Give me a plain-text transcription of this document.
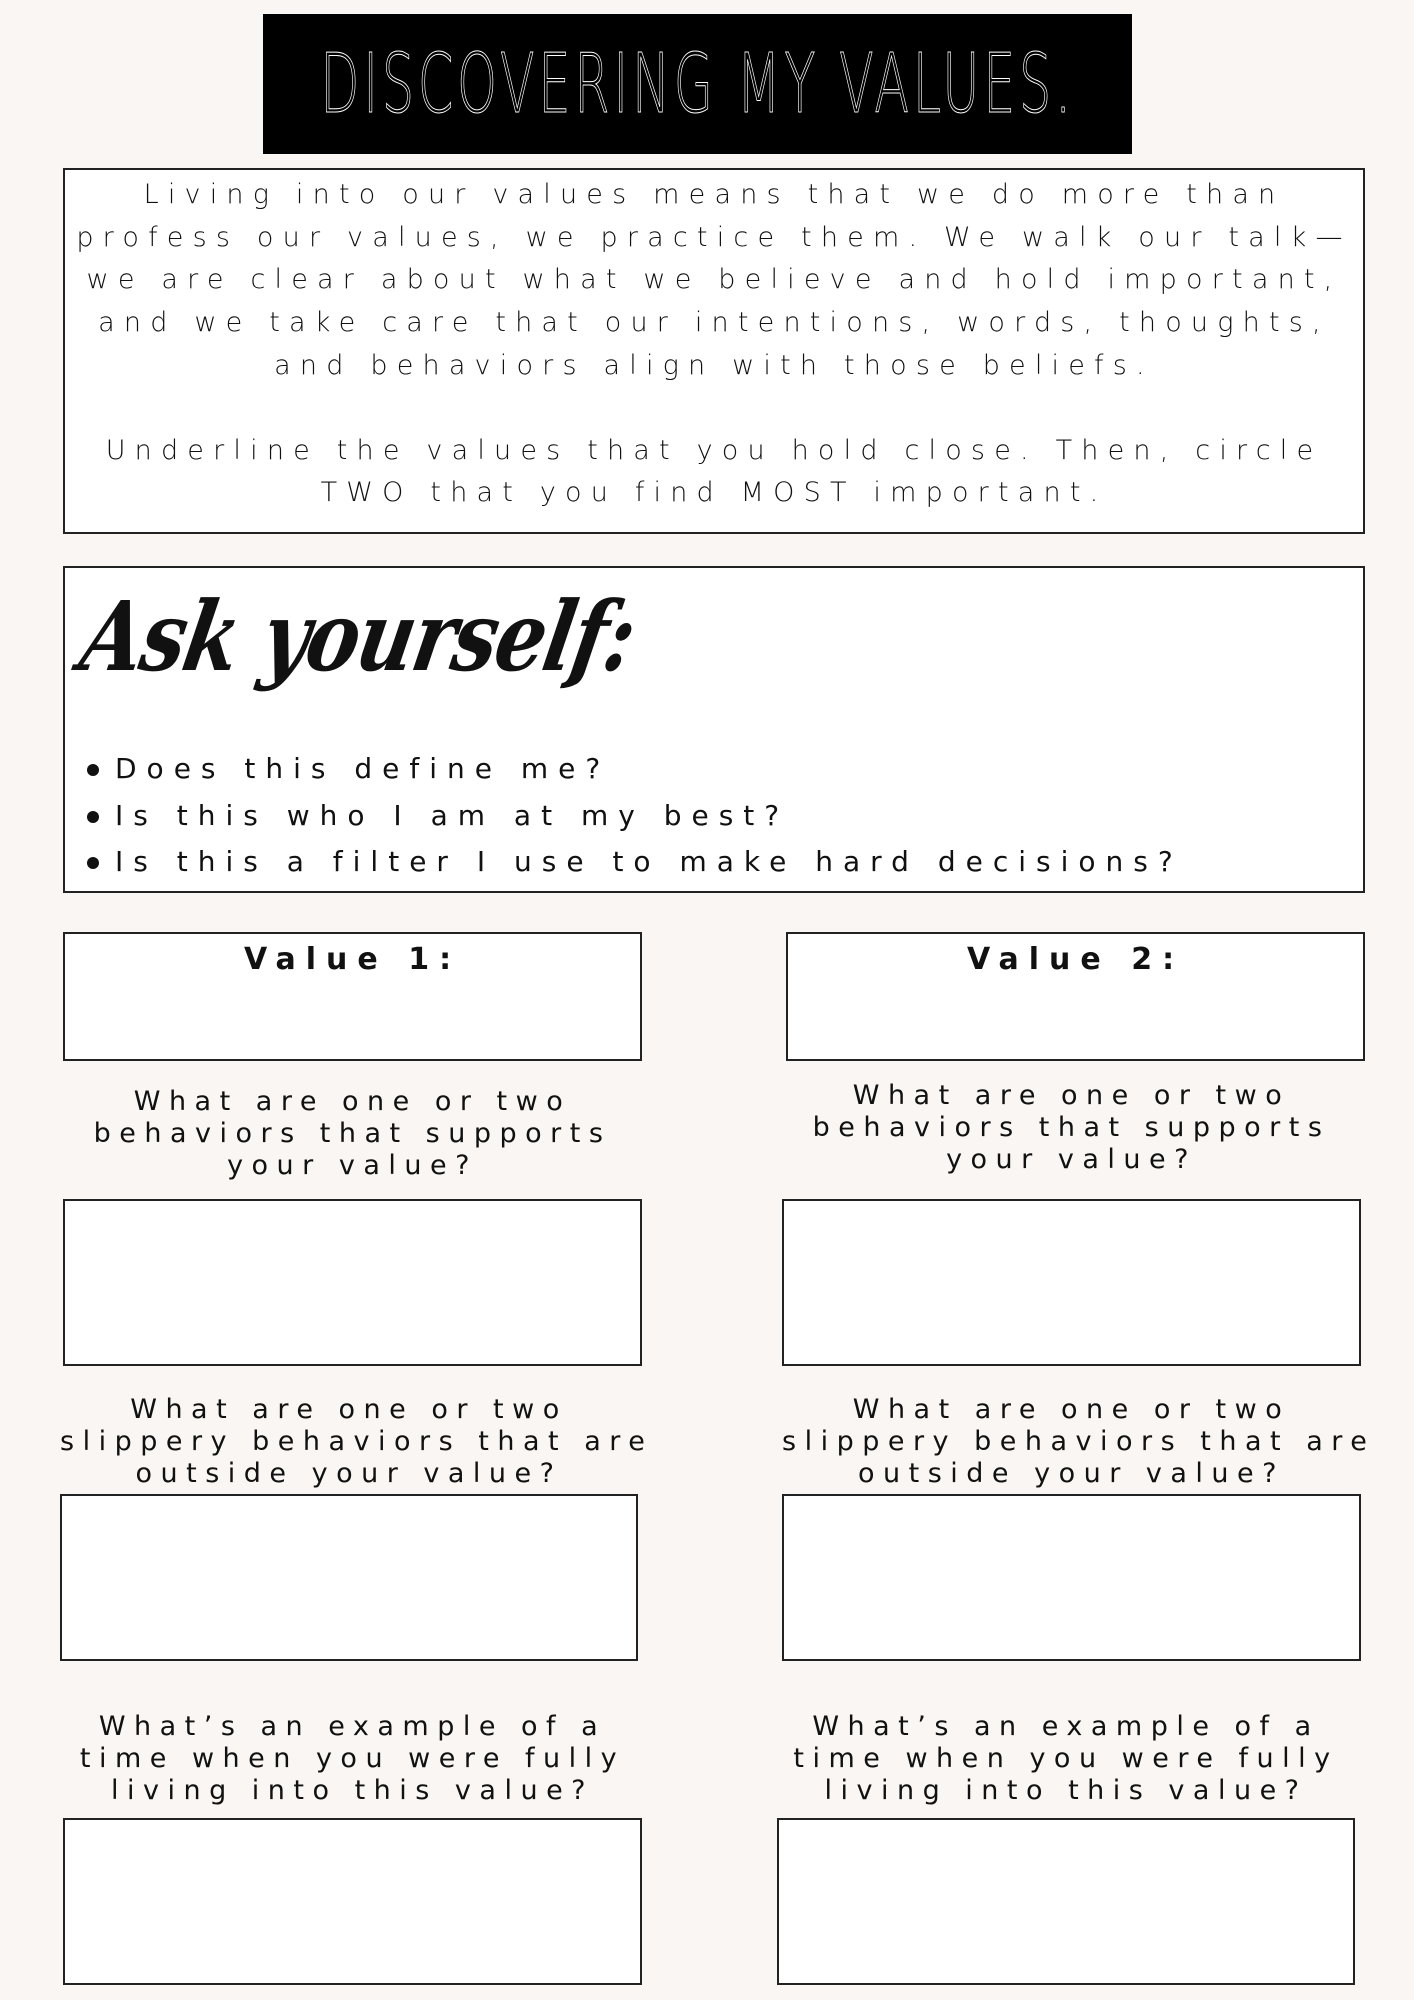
DISCOVERING MY VALUES.

Living into our values means that we do more than
profess our values, we practice them. We walk our talk—
we are clear about what we believe and hold important,
and we take care that our intentions, words, thoughts,
and behaviors align with those beliefs.
Underline the values that you hold close. Then, circle
TWO that you find MOST important.

Ask yourself:
Does this define me?
Is this who I am at my best?
Is this a filter I use to make hard decisions?
Value 1:
What are one or two
behaviors that supports
your value?
What are one or two
slippery behaviors that are
outside your value?
What’s an example of a
time when you were fully
living into this value?
Value 2:
What are one or two
behaviors that supports
your value?
What are one or two
slippery behaviors that are
outside your value?
What’s an example of a
time when you were fully
living into this value?
